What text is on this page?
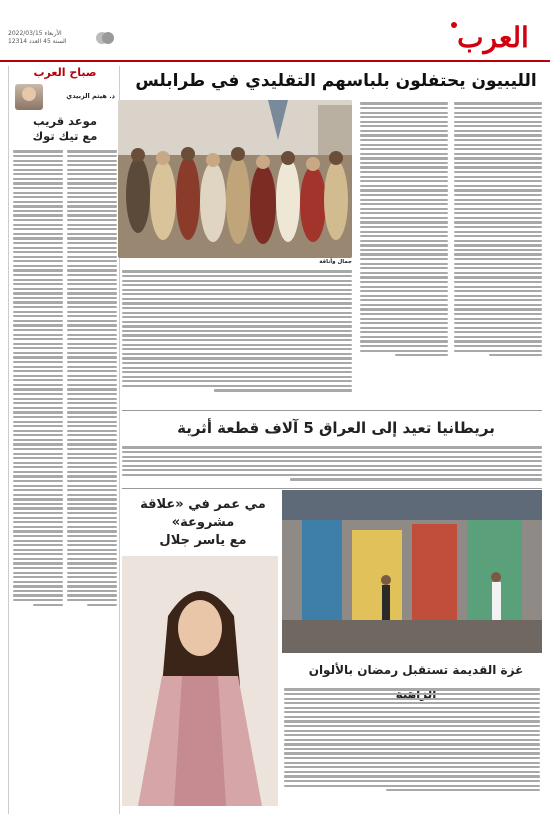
العرب
الأربعاء 2022/03/15
السنة 45 العدد 12314
الليبيون يحتفلون بلباسهم التقليدي في طرابلس
صباح العرب
د. هيثم الزبيدي
موعد قريب
مع تيك توك
جمال وأناقة
بريطانيا تعيد إلى العراق 5 آلاف قطعة أثرية
مي عمر في «علاقة مشروعة»
مع ياسر جلال
غزة القديمة تستقبل رمضان بالألوان
